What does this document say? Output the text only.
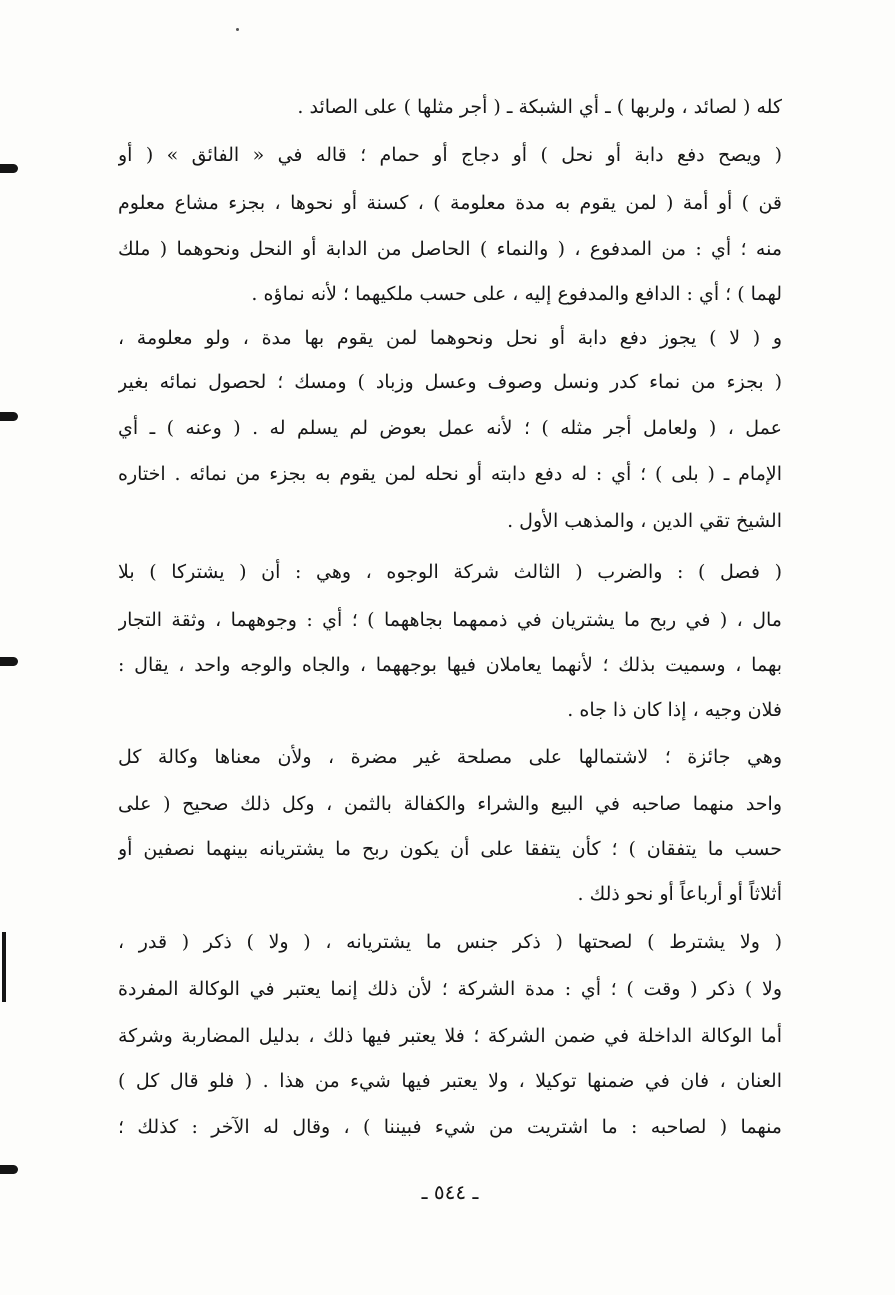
كله ( لصائد ، ولربها ) ـ أي الشبكة ـ ( أجر مثلها ) على الصائد .
( ويصح دفع دابة أو نحل ) أو دجاج أو حمام ؛ قاله في « الفائق » ( أو
قن ) أو أمة ( لمن يقوم به مدة معلومة ) ، كسنة أو نحوها ، بجزء مشاع معلوم
منه ؛ أي : من المدفوع ، ( والنماء ) الحاصل من الدابة أو النحل ونحوهما ( ملك
لهما ) ؛ أي : الدافع والمدفوع إليه ، على حسب ملكيهما ؛ لأنه نماؤه .
و ( لا ) يجوز دفع دابة أو نحل ونحوهما لمن يقوم بها مدة ، ولو معلومة ،
( بجزء من نماء كدر ونسل وصوف وعسل وزباد ) ومسك ؛ لحصول نمائه بغير
عمل ، ( ولعامل أجر مثله ) ؛ لأنه عمل بعوض لم يسلم له . ( وعنه ) ـ أي
الإمام ـ ( بلى ) ؛ أي : له دفع دابته أو نحله لمن يقوم به بجزء من نمائه . اختاره
الشيخ تقي الدين ، والمذهب الأول .
( فصل ) : والضرب ( الثالث شركة الوجوه ، وهي : أن ( يشتركا ) بلا
مال ، ( في ربح ما يشتريان في ذممهما بجاههما ) ؛ أي : وجوههما ، وثقة التجار
بهما ، وسميت بذلك ؛ لأنهما يعاملان فيها بوجههما ، والجاه والوجه واحد ، يقال :
فلان وجيه ، إذا كان ذا جاه .
وهي جائزة ؛ لاشتمالها على مصلحة غير مضرة ، ولأن معناها وكالة كل
واحد منهما صاحبه في البيع والشراء والكفالة بالثمن ، وكل ذلك صحيح ( على
حسب ما يتفقان ) ؛ كأن يتفقا على أن يكون ربح ما يشتريانه بينهما نصفين أو
أثلاثاً أو أرباعاً أو نحو ذلك .
( ولا يشترط ) لصحتها ( ذكر جنس ما يشتريانه ، ( ولا ) ذكر ( قدر ،
ولا ) ذكر ( وقت ) ؛ أي : مدة الشركة ؛ لأن ذلك إنما يعتبر في الوكالة المفردة
أما الوكالة الداخلة في ضمن الشركة ؛ فلا يعتبر فيها ذلك ، بدليل المضاربة وشركة
العنان ، فان في ضمنها توكيلا ، ولا يعتبر فيها شيء من هذا . ( فلو قال كل )
منهما ( لصاحبه : ما اشتريت من شيء فبيننا ) ، وقال له الآخر : كذلك ؛
ـ ٥٤٤ ـ
